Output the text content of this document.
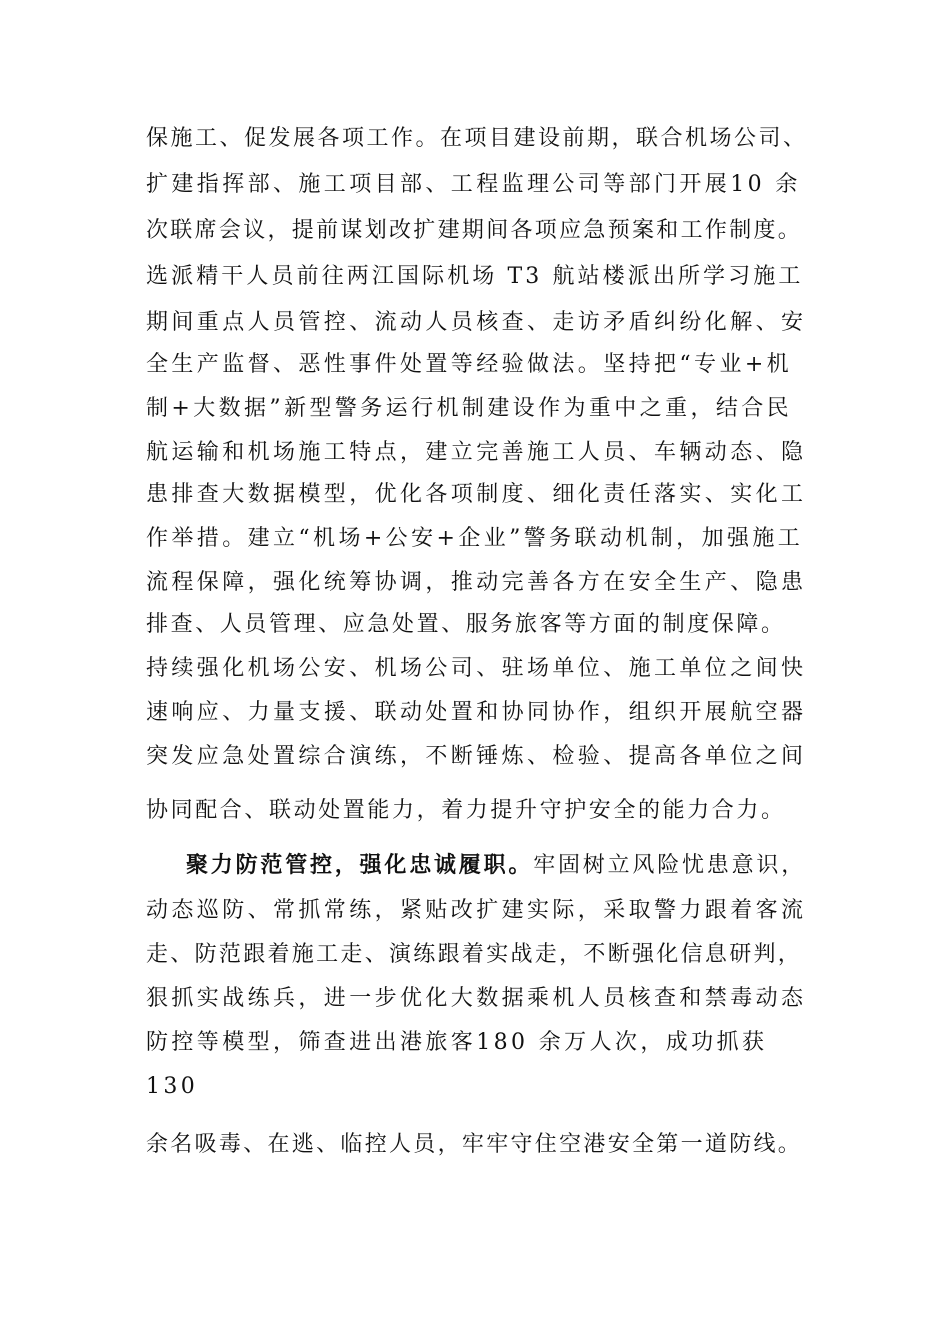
保施工、促发展各项工作。在项目建设前期，联合机场公司、
扩建指挥部、施工项目部、工程监理公司等部门开展10 余
次联席会议，提前谋划改扩建期间各项应急预案和工作制度。
选派精干人员前往两江国际机场 T3 航站楼派出所学习施工
期间重点人员管控、流动人员核查、走访矛盾纠纷化解、安
全生产监督、恶性事件处置等经验做法。坚持把“专业+机
制+大数据”新型警务运行机制建设作为重中之重，结合民
航运输和机场施工特点，建立完善施工人员、车辆动态、隐
患排查大数据模型，优化各项制度、细化责任落实、实化工
作举措。建立“机场+公安+企业”警务联动机制，加强施工
流程保障，强化统筹协调，推动完善各方在安全生产、隐患
排查、人员管理、应急处置、服务旅客等方面的制度保障。
持续强化机场公安、机场公司、驻场单位、施工单位之间快
速响应、力量支援、联动处置和协同协作，组织开展航空器
突发应急处置综合演练，不断锤炼、检验、提高各单位之间
协同配合、联动处置能力，着力提升守护安全的能力合力。
聚力防范管控，强化忠诚履职。牢固树立风险忧患意识，
动态巡防、常抓常练，紧贴改扩建实际，采取警力跟着客流
走、防范跟着施工走、演练跟着实战走，不断强化信息研判，
狠抓实战练兵，进一步优化大数据乘机人员核查和禁毒动态
防控等模型，筛查进出港旅客180 余万人次，成功抓获
130
余名吸毒、在逃、临控人员，牢牢守住空港安全第一道防线。
